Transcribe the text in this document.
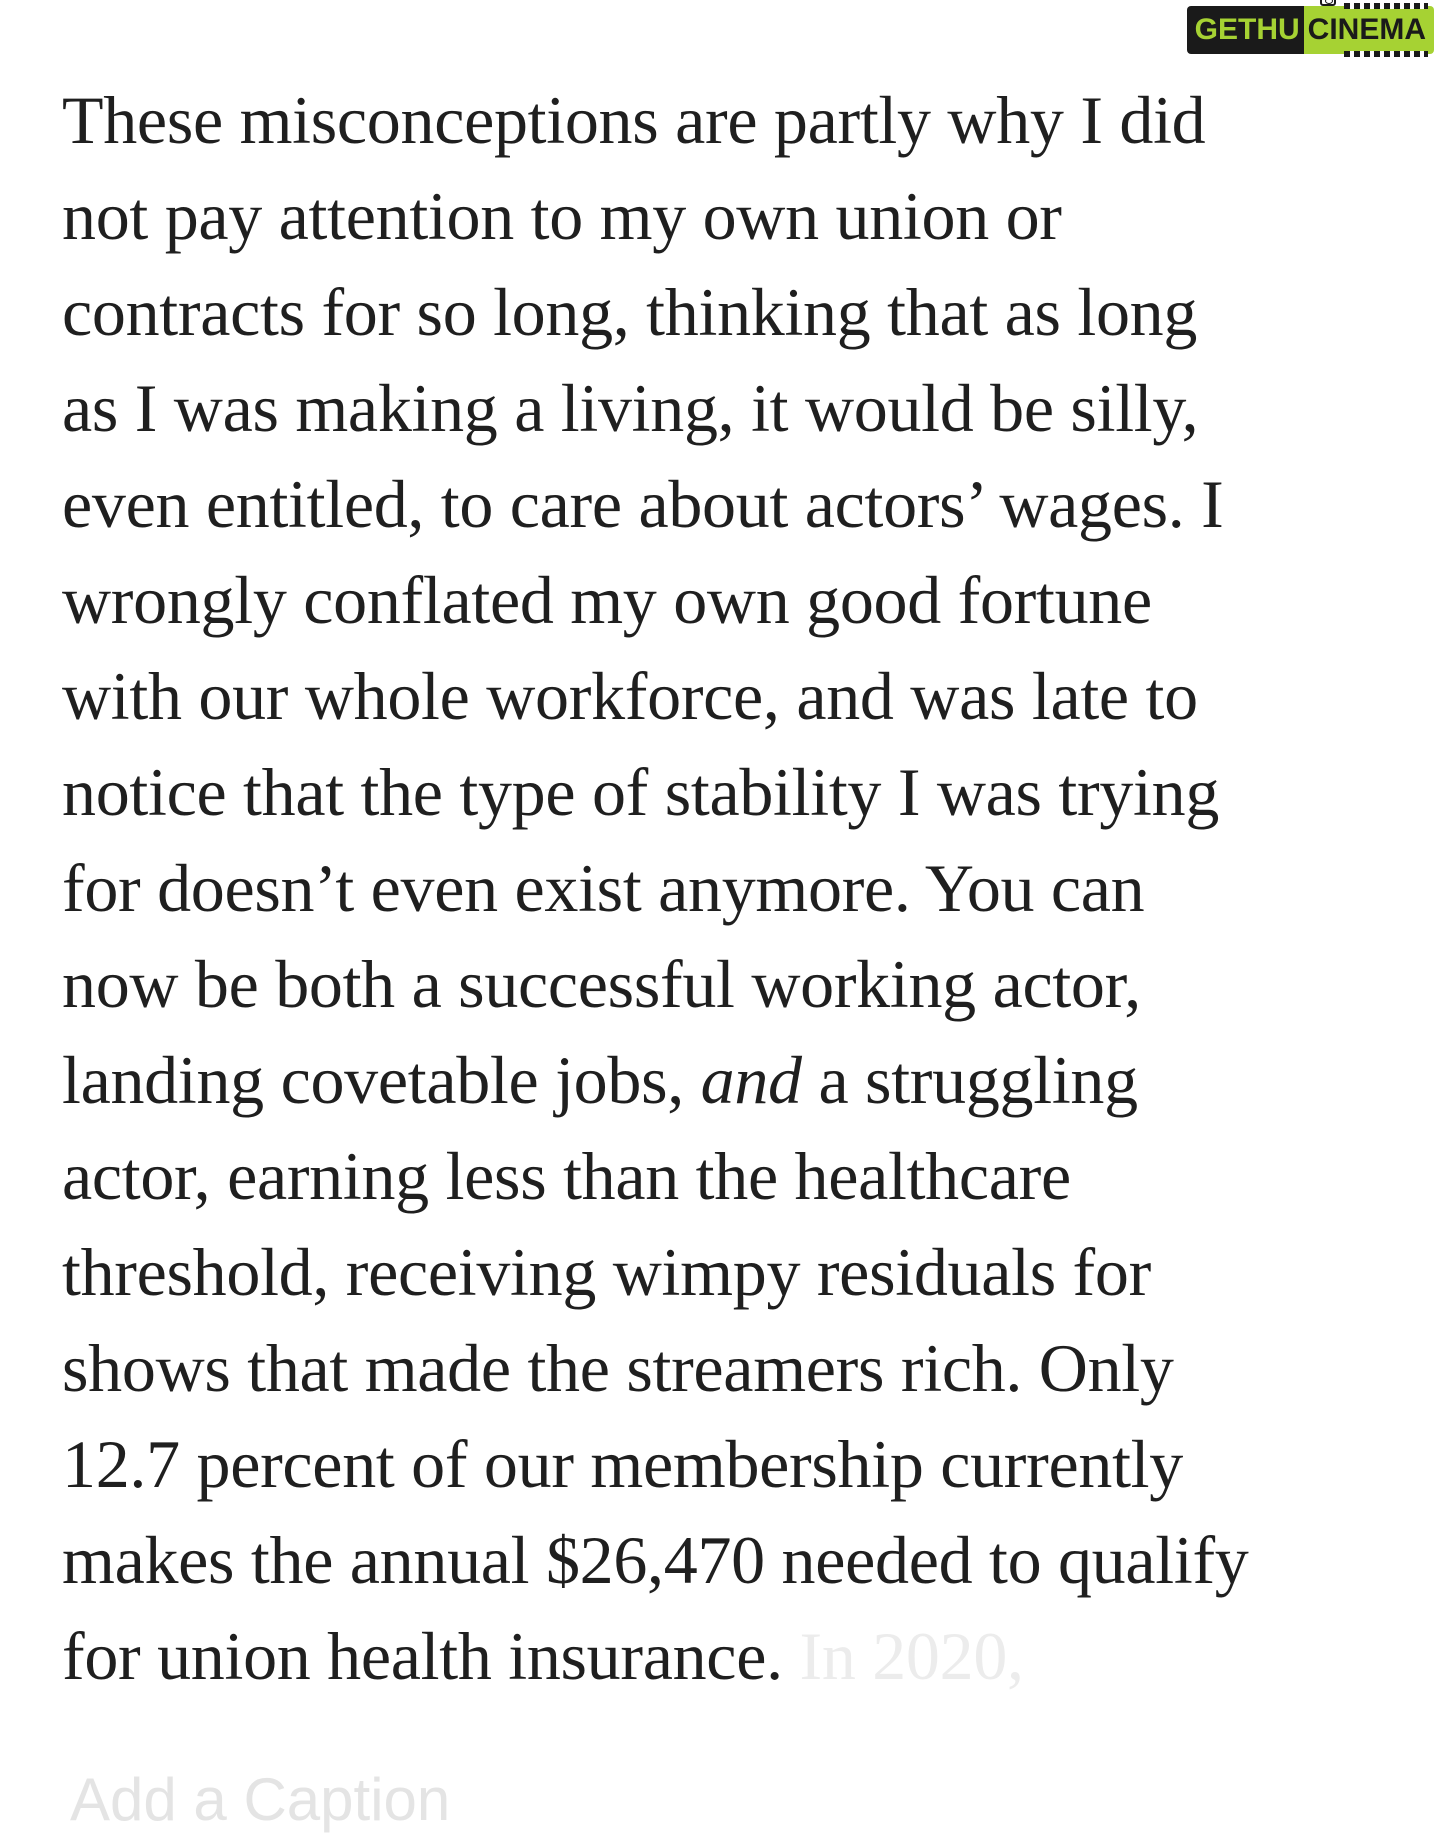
GETHU CINEMA

These misconceptions are partly why I did
not pay attention to my own union or
contracts for so long, thinking that as long
as I was making a living, it would be silly,
even entitled, to care about actors’ wages. I
wrongly conflated my own good fortune
with our whole workforce, and was late to
notice that the type of stability I was trying
for doesn’t even exist anymore. You can
now be both a successful working actor,
landing covetable jobs, and a struggling
actor, earning less than the healthcare
threshold, receiving wimpy residuals for
shows that made the streamers rich. Only
12.7 percent of our membership currently
makes the annual $26,470 needed to qualify
for union health insurance. In 2020,

Add a Caption
